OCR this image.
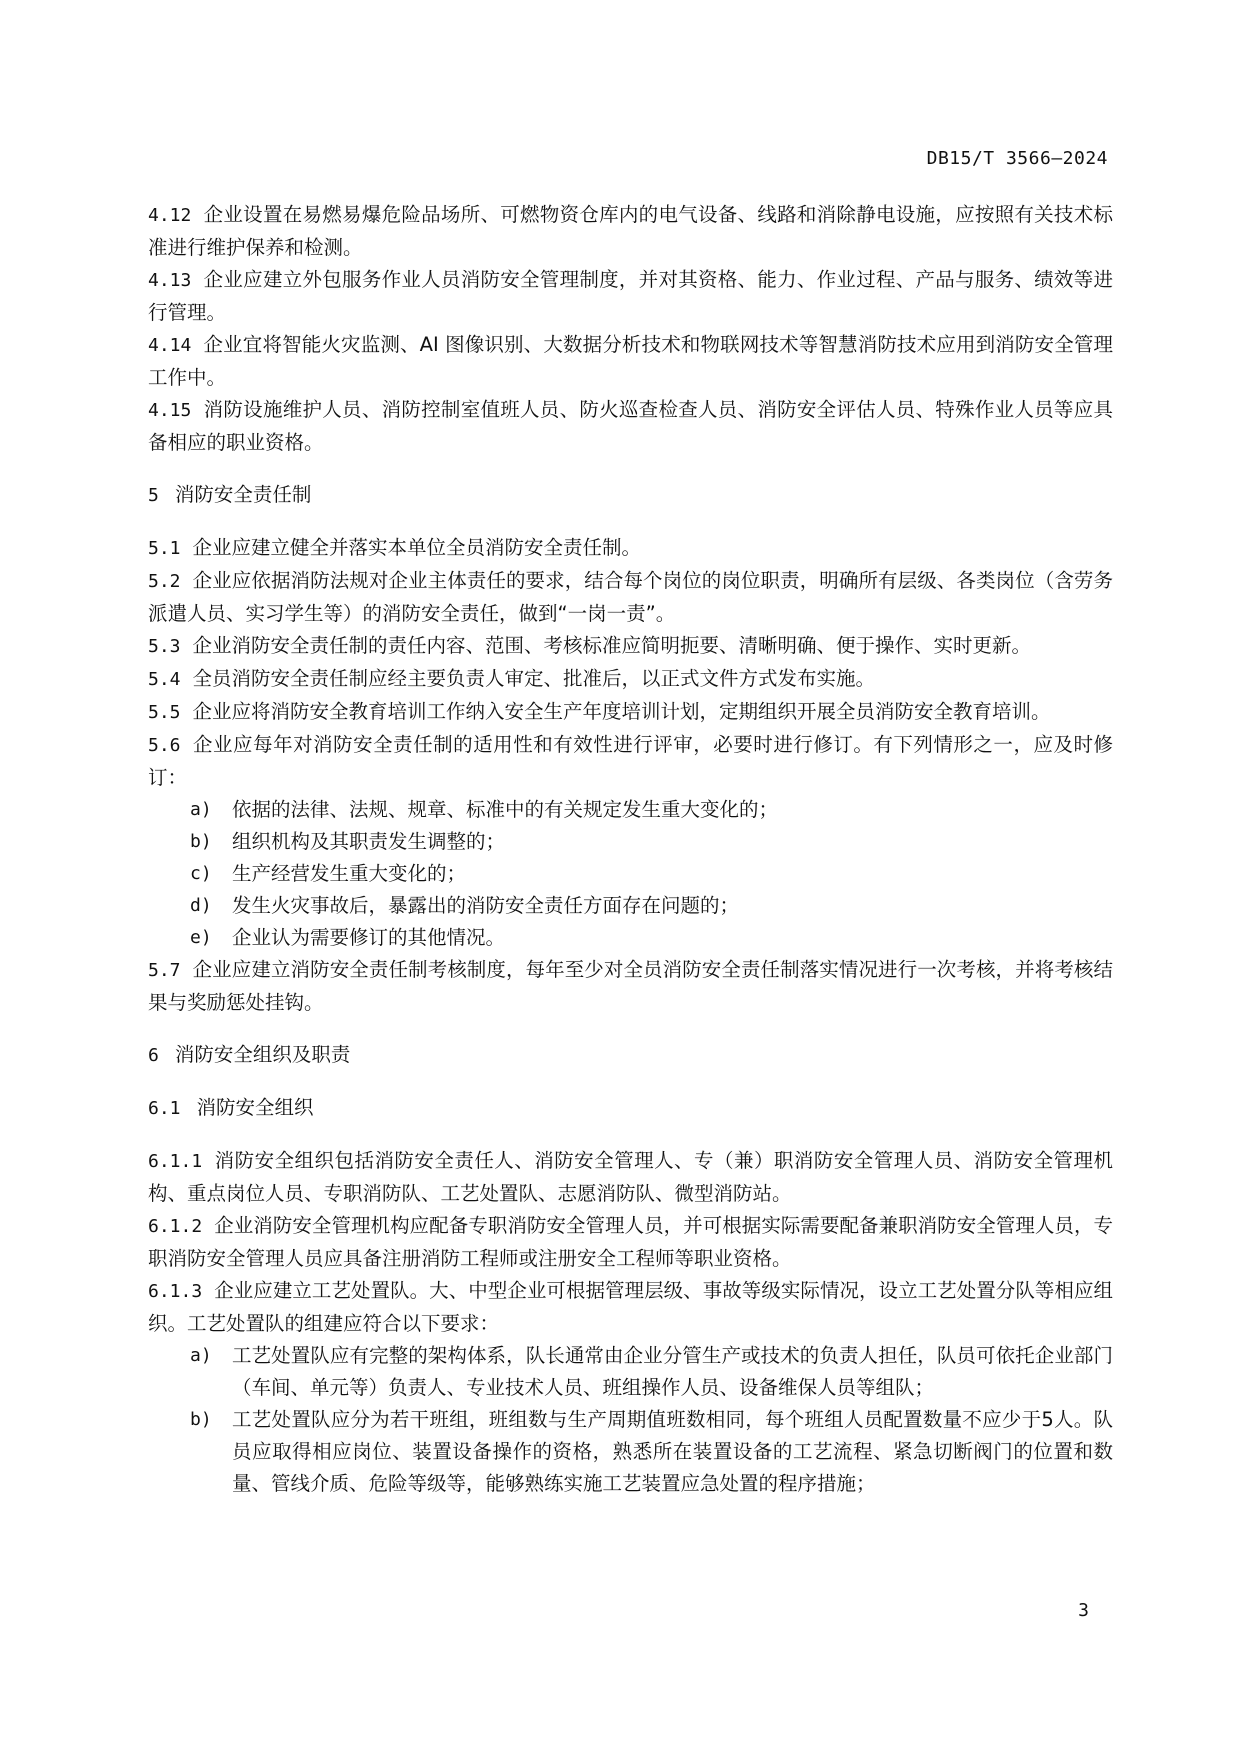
DB15/T 3566—2024

4.12 企业设置在易燃易爆危险品场所、可燃物资仓库内的电气设备、线路和消除静电设施，应按照有关技术标准进行维护保养和检测。

4.13 企业应建立外包服务作业人员消防安全管理制度，并对其资格、能力、作业过程、产品与服务、绩效等进行管理。

4.14 企业宜将智能火灾监测、AI 图像识别、大数据分析技术和物联网技术等智慧消防技术应用到消防安全管理工作中。

4.15 消防设施维护人员、消防控制室值班人员、防火巡查检查人员、消防安全评估人员、特殊作业人员等应具备相应的职业资格。

5 消防安全责任制

5.1 企业应建立健全并落实本单位全员消防安全责任制。

5.2 企业应依据消防法规对企业主体责任的要求，结合每个岗位的岗位职责，明确所有层级、各类岗位（含劳务派遣人员、实习学生等）的消防安全责任，做到“一岗一责”。

5.3 企业消防安全责任制的责任内容、范围、考核标准应简明扼要、清晰明确、便于操作、实时更新。

5.4 全员消防安全责任制应经主要负责人审定、批准后，以正式文件方式发布实施。

5.5 企业应将消防安全教育培训工作纳入安全生产年度培训计划，定期组织开展全员消防安全教育培训。

5.6 企业应每年对消防安全责任制的适用性和有效性进行评审，必要时进行修订。有下列情形之一，应及时修订：

a)	依据的法律、法规、规章、标准中的有关规定发生重大变化的；
b)	组织机构及其职责发生调整的；
c)	生产经营发生重大变化的；
d)	发生火灾事故后，暴露出的消防安全责任方面存在问题的；
e)	企业认为需要修订的其他情况。

5.7 企业应建立消防安全责任制考核制度，每年至少对全员消防安全责任制落实情况进行一次考核，并将考核结果与奖励惩处挂钩。

6 消防安全组织及职责

6.1 消防安全组织

6.1.1 消防安全组织包括消防安全责任人、消防安全管理人、专（兼）职消防安全管理人员、消防安全管理机构、重点岗位人员、专职消防队、工艺处置队、志愿消防队、微型消防站。

6.1.2 企业消防安全管理机构应配备专职消防安全管理人员，并可根据实际需要配备兼职消防安全管理人员，专职消防安全管理人员应具备注册消防工程师或注册安全工程师等职业资格。

6.1.3 企业应建立工艺处置队。大、中型企业可根据管理层级、事故等级实际情况，设立工艺处置分队等相应组织。工艺处置队的组建应符合以下要求：

a)	工艺处置队应有完整的架构体系，队长通常由企业分管生产或技术的负责人担任，队员可依托企业部门（车间、单元等）负责人、专业技术人员、班组操作人员、设备维保人员等组队；
b)	工艺处置队应分为若干班组，班组数与生产周期值班数相同，每个班组人员配置数量不应少于5人。队员应取得相应岗位、装置设备操作的资格，熟悉所在装置设备的工艺流程、紧急切断阀门的位置和数量、管线介质、危险等级等，能够熟练实施工艺装置应急处置的程序措施；
3
